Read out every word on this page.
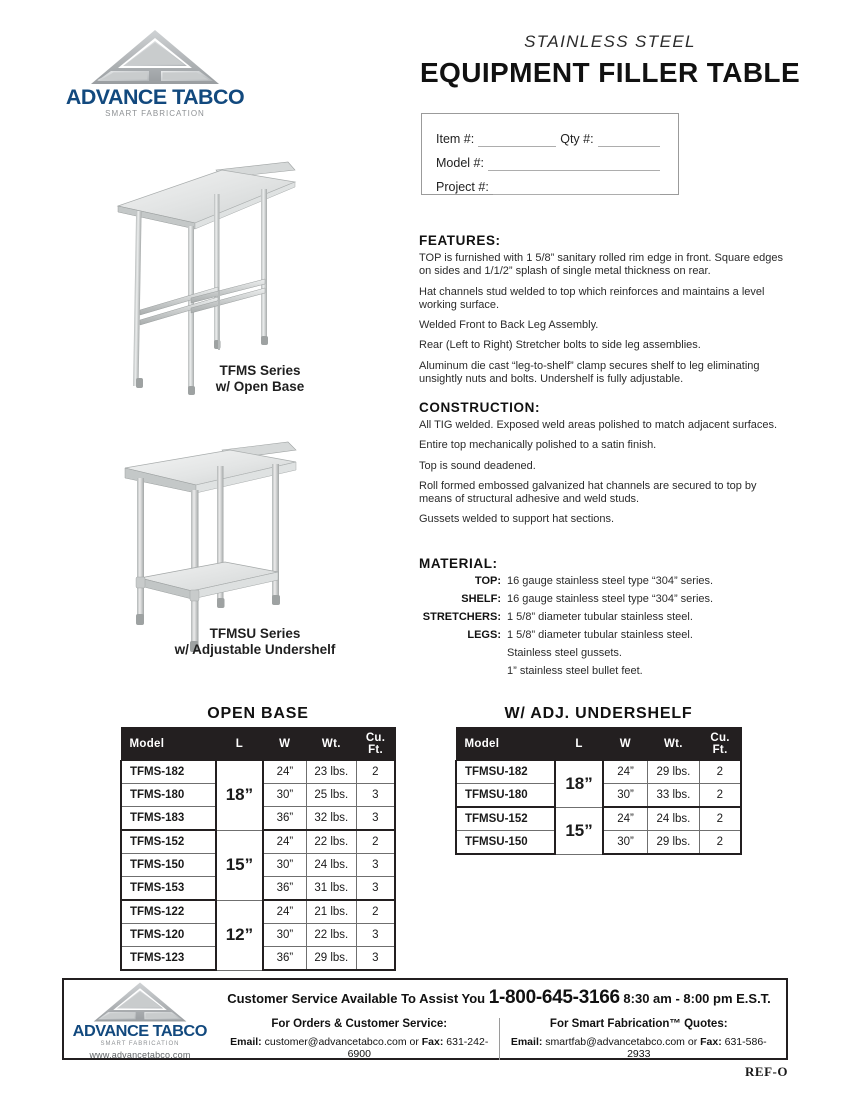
ADVANCE TABCO
SMART FABRICATION
STAINLESS STEEL
EQUIPMENT FILLER TABLE
Item #:	Qty #:
Model #:
Project #:
TFMS Series
w/ Open Base
TFMSU Series
w/ Adjustable Undershelf
FEATURES:

TOP is furnished with 1 5/8” sanitary rolled rim edge in front. Square edges on sides and 1/1/2” splash of single metal thickness on rear.

Hat channels stud welded to top which reinforces and maintains a level working surface.

Welded Front to Back Leg Assembly.

Rear (Left to Right) Stretcher bolts to side leg assemblies.

Aluminum die cast “leg-to-shelf” clamp secures shelf to leg eliminating unsightly nuts and bolts. Undershelf is fully adjustable.

CONSTRUCTION:

All TIG welded. Exposed weld areas polished to match adjacent surfaces.

Entire top mechanically polished to a satin finish.

Top is sound deadened.

Roll formed embossed galvanized hat channels are secured to top by means of structural adhesive and weld studs.

Gussets welded to support hat sections.

MATERIAL:
TOP: 16 gauge stainless steel type “304” series.
SHELF: 16 gauge stainless steel type “304” series.
STRETCHERS: 1 5/8” diameter tubular stainless steel.
LEGS: 1 5/8” diameter tubular stainless steel.
Stainless steel gussets.
1” stainless steel bullet feet.
OPEN BASE
Model	L	W	Wt.	Cu. Ft.
TFMS-182	18”	24”	23 lbs.	2
TFMS-180		30”	25 lbs.	3
TFMS-183		36”	32 lbs.	3
TFMS-152	15”	24”	22 lbs.	2
TFMS-150		30”	24 lbs.	3
TFMS-153		36”	31 lbs.	3
TFMS-122	12”	24”	21 lbs.	2
TFMS-120		30”	22 lbs.	3
TFMS-123		36”	29 lbs.	3
W/ ADJ. UNDERSHELF
Model	L	W	Wt.	Cu. Ft.
TFMSU-182	18”	24”	29 lbs.	2
TFMSU-180		30”	33 lbs.	2
TFMSU-152	15”	24”	24 lbs.	2
TFMSU-150		30”	29 lbs.	2
ADVANCE TABCO
SMART FABRICATION
www.advancetabco.com
Customer Service Available To Assist You 1-800-645-3166 8:30 am - 8:00 pm E.S.T.
For Orders & Customer Service:
Email: customer@advancetabco.com or Fax: 631-242-6900
For Smart Fabrication™ Quotes:
Email: smartfab@advancetabco.com or Fax: 631-586-2933
REF-O
